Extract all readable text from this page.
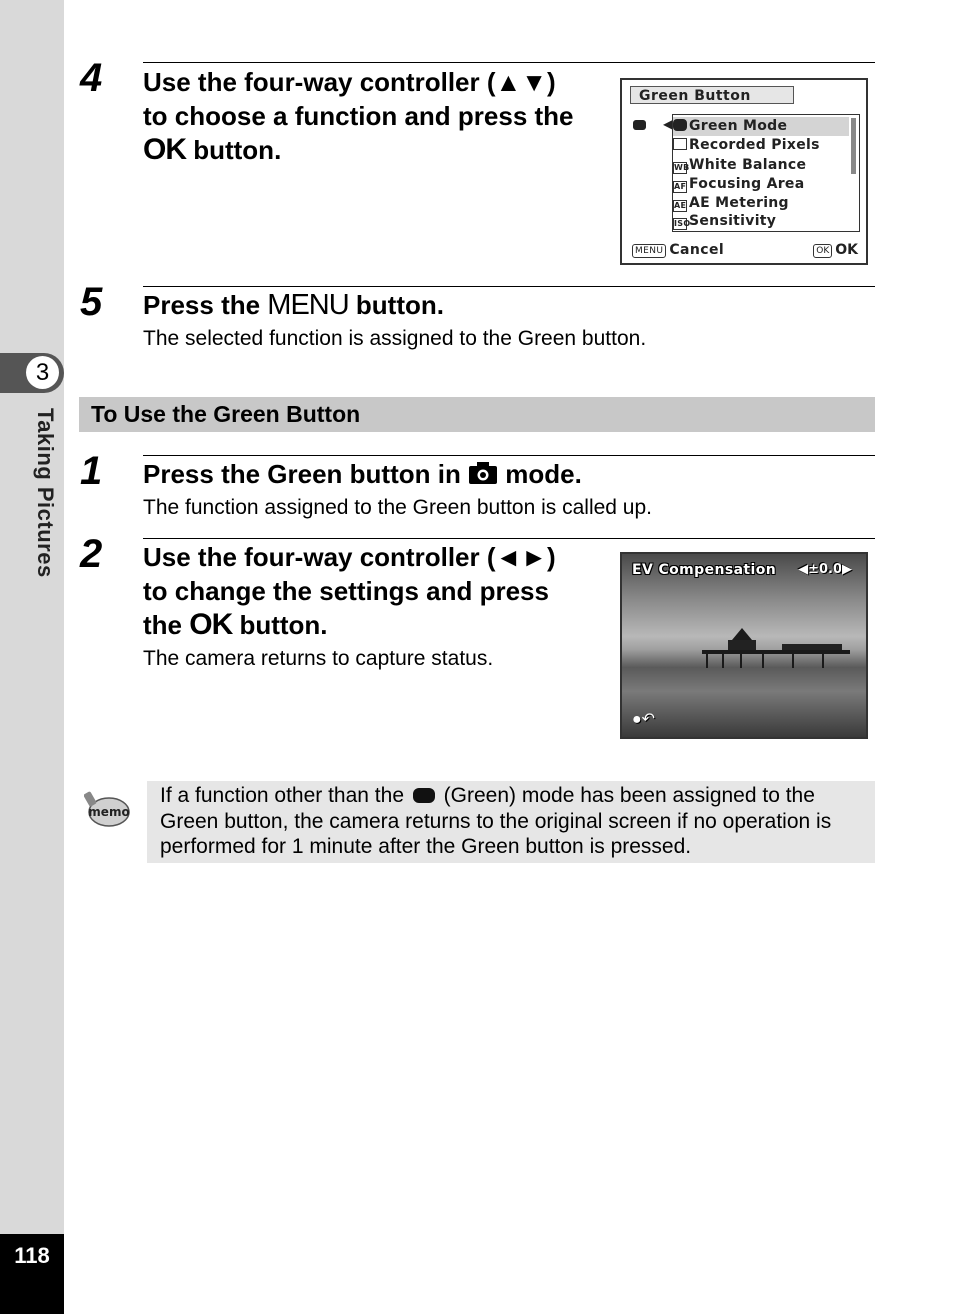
3
Taking Pictures
118
4 Use the four-way controller (▲▼)
to choose a function and press the
OK button.
Green Button
◀	Green Mode
Recorded Pixels
WBWhite Balance
AF Focusing Area
AE AE Metering
ISOSensitivity
MENU Cancel	OK OK
5 Press the MENU button.
The selected function is assigned to the Green button.
To Use the Green Button
1 Press the Green button in  mode.
The function assigned to the Green button is called up.
2 Use the four-way controller (◄►)
to change the settings and press
the OK button.
The camera returns to capture status.
EV Compensation ◀±0.0▶
●↶
memo
If a function other than the  (Green) mode has been assigned to the Green button, the camera returns to the original screen if no operation is performed for 1 minute after the Green button is pressed.
